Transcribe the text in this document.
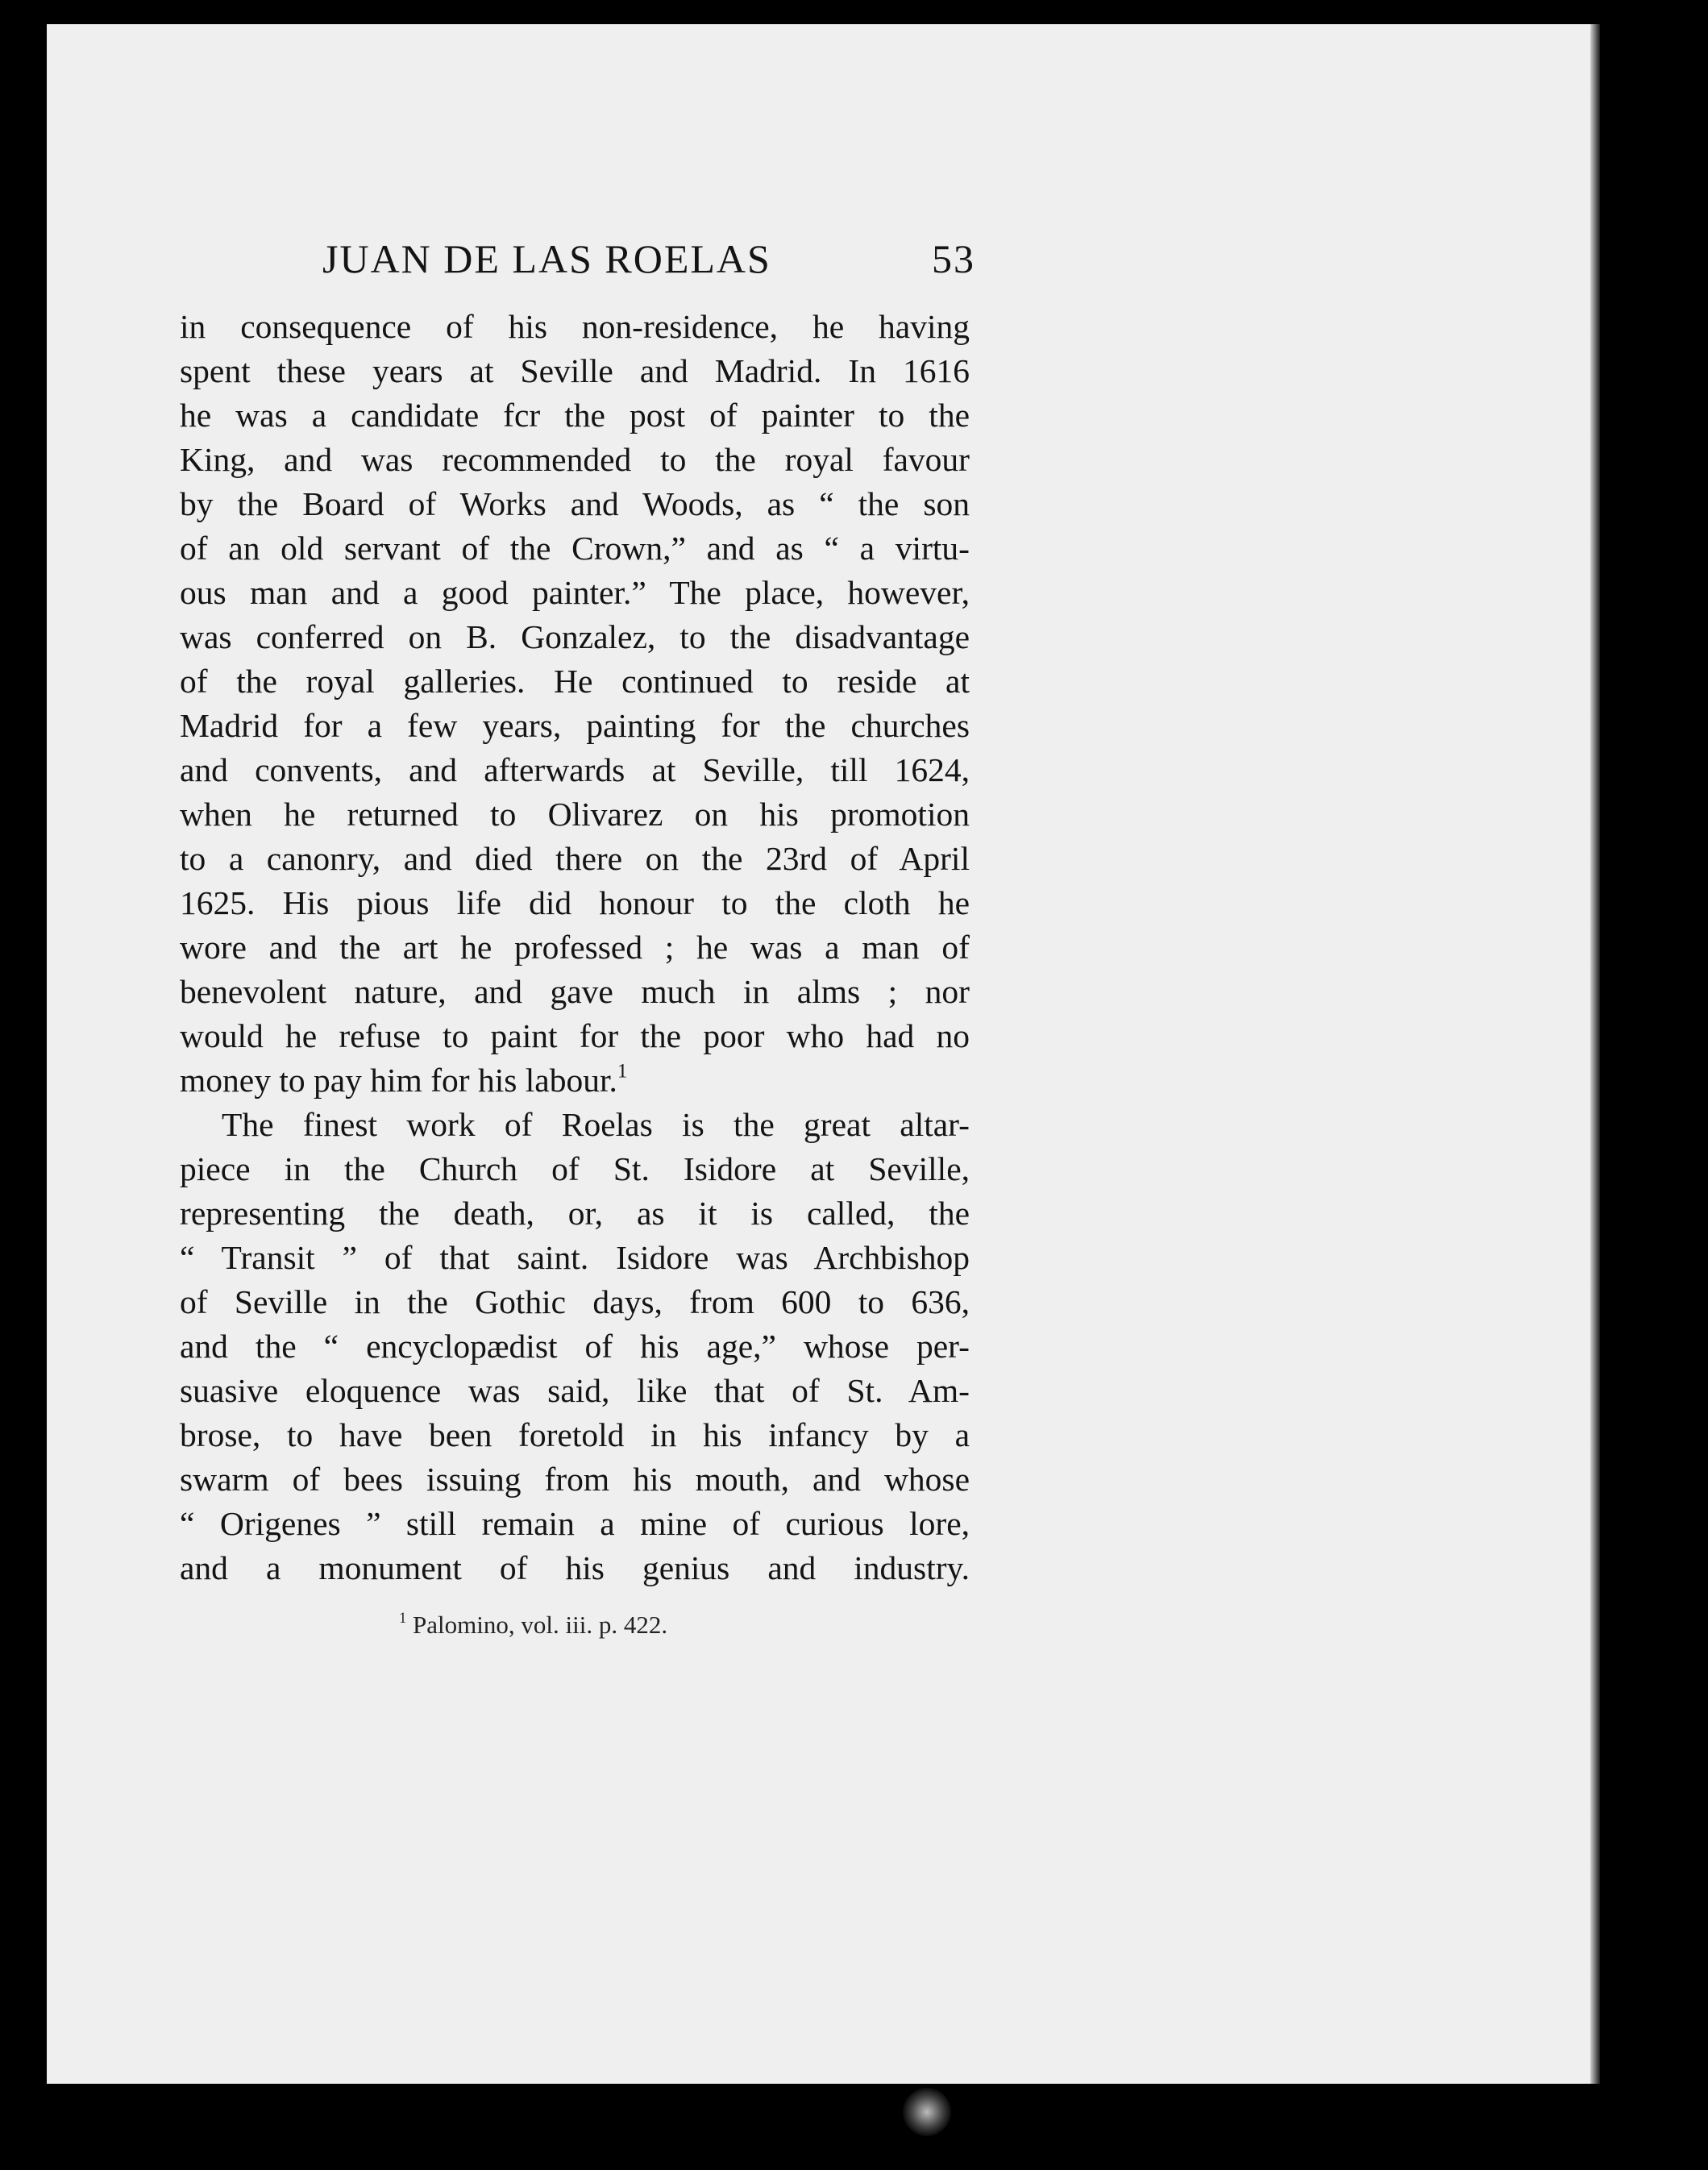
JUAN DE LAS ROELAS	53
in consequence of his non-residence, he having
spent these years at Seville and Madrid. In 1616
he was a candidate fcr the post of painter to the
King, and was recommended to the royal favour
by the Board of Works and Woods, as “ the son
of an old servant of the Crown,” and as “ a virtu-
ous man and a good painter.” The place, however,
was conferred on B. Gonzalez, to the disadvantage
of the royal galleries. He continued to reside at
Madrid for a few years, painting for the churches
and convents, and afterwards at Seville, till 1624,
when he returned to Olivarez on his promotion
to a canonry, and died there on the 23rd of April
1625. His pious life did honour to the cloth he
wore and the art he professed ; he was a man of
benevolent nature, and gave much in alms ; nor
would he refuse to paint for the poor who had no
money to pay him for his labour.$^1$
The finest work of Roelas is the great altar-
piece in the Church of St. Isidore at Seville,
representing the death, or, as it is called, the
“ Transit ” of that saint. Isidore was Archbishop
of Seville in the Gothic days, from 600 to 636,
and the “ encyclopædist of his age,” whose per-
suasive eloquence was said, like that of St. Am-
brose, to have been foretold in his infancy by a
swarm of bees issuing from his mouth, and whose
“ Origenes ” still remain a mine of curious lore,
and a monument of his genius and industry.
$^1$ Palomino, vol. iii. p. 422.
